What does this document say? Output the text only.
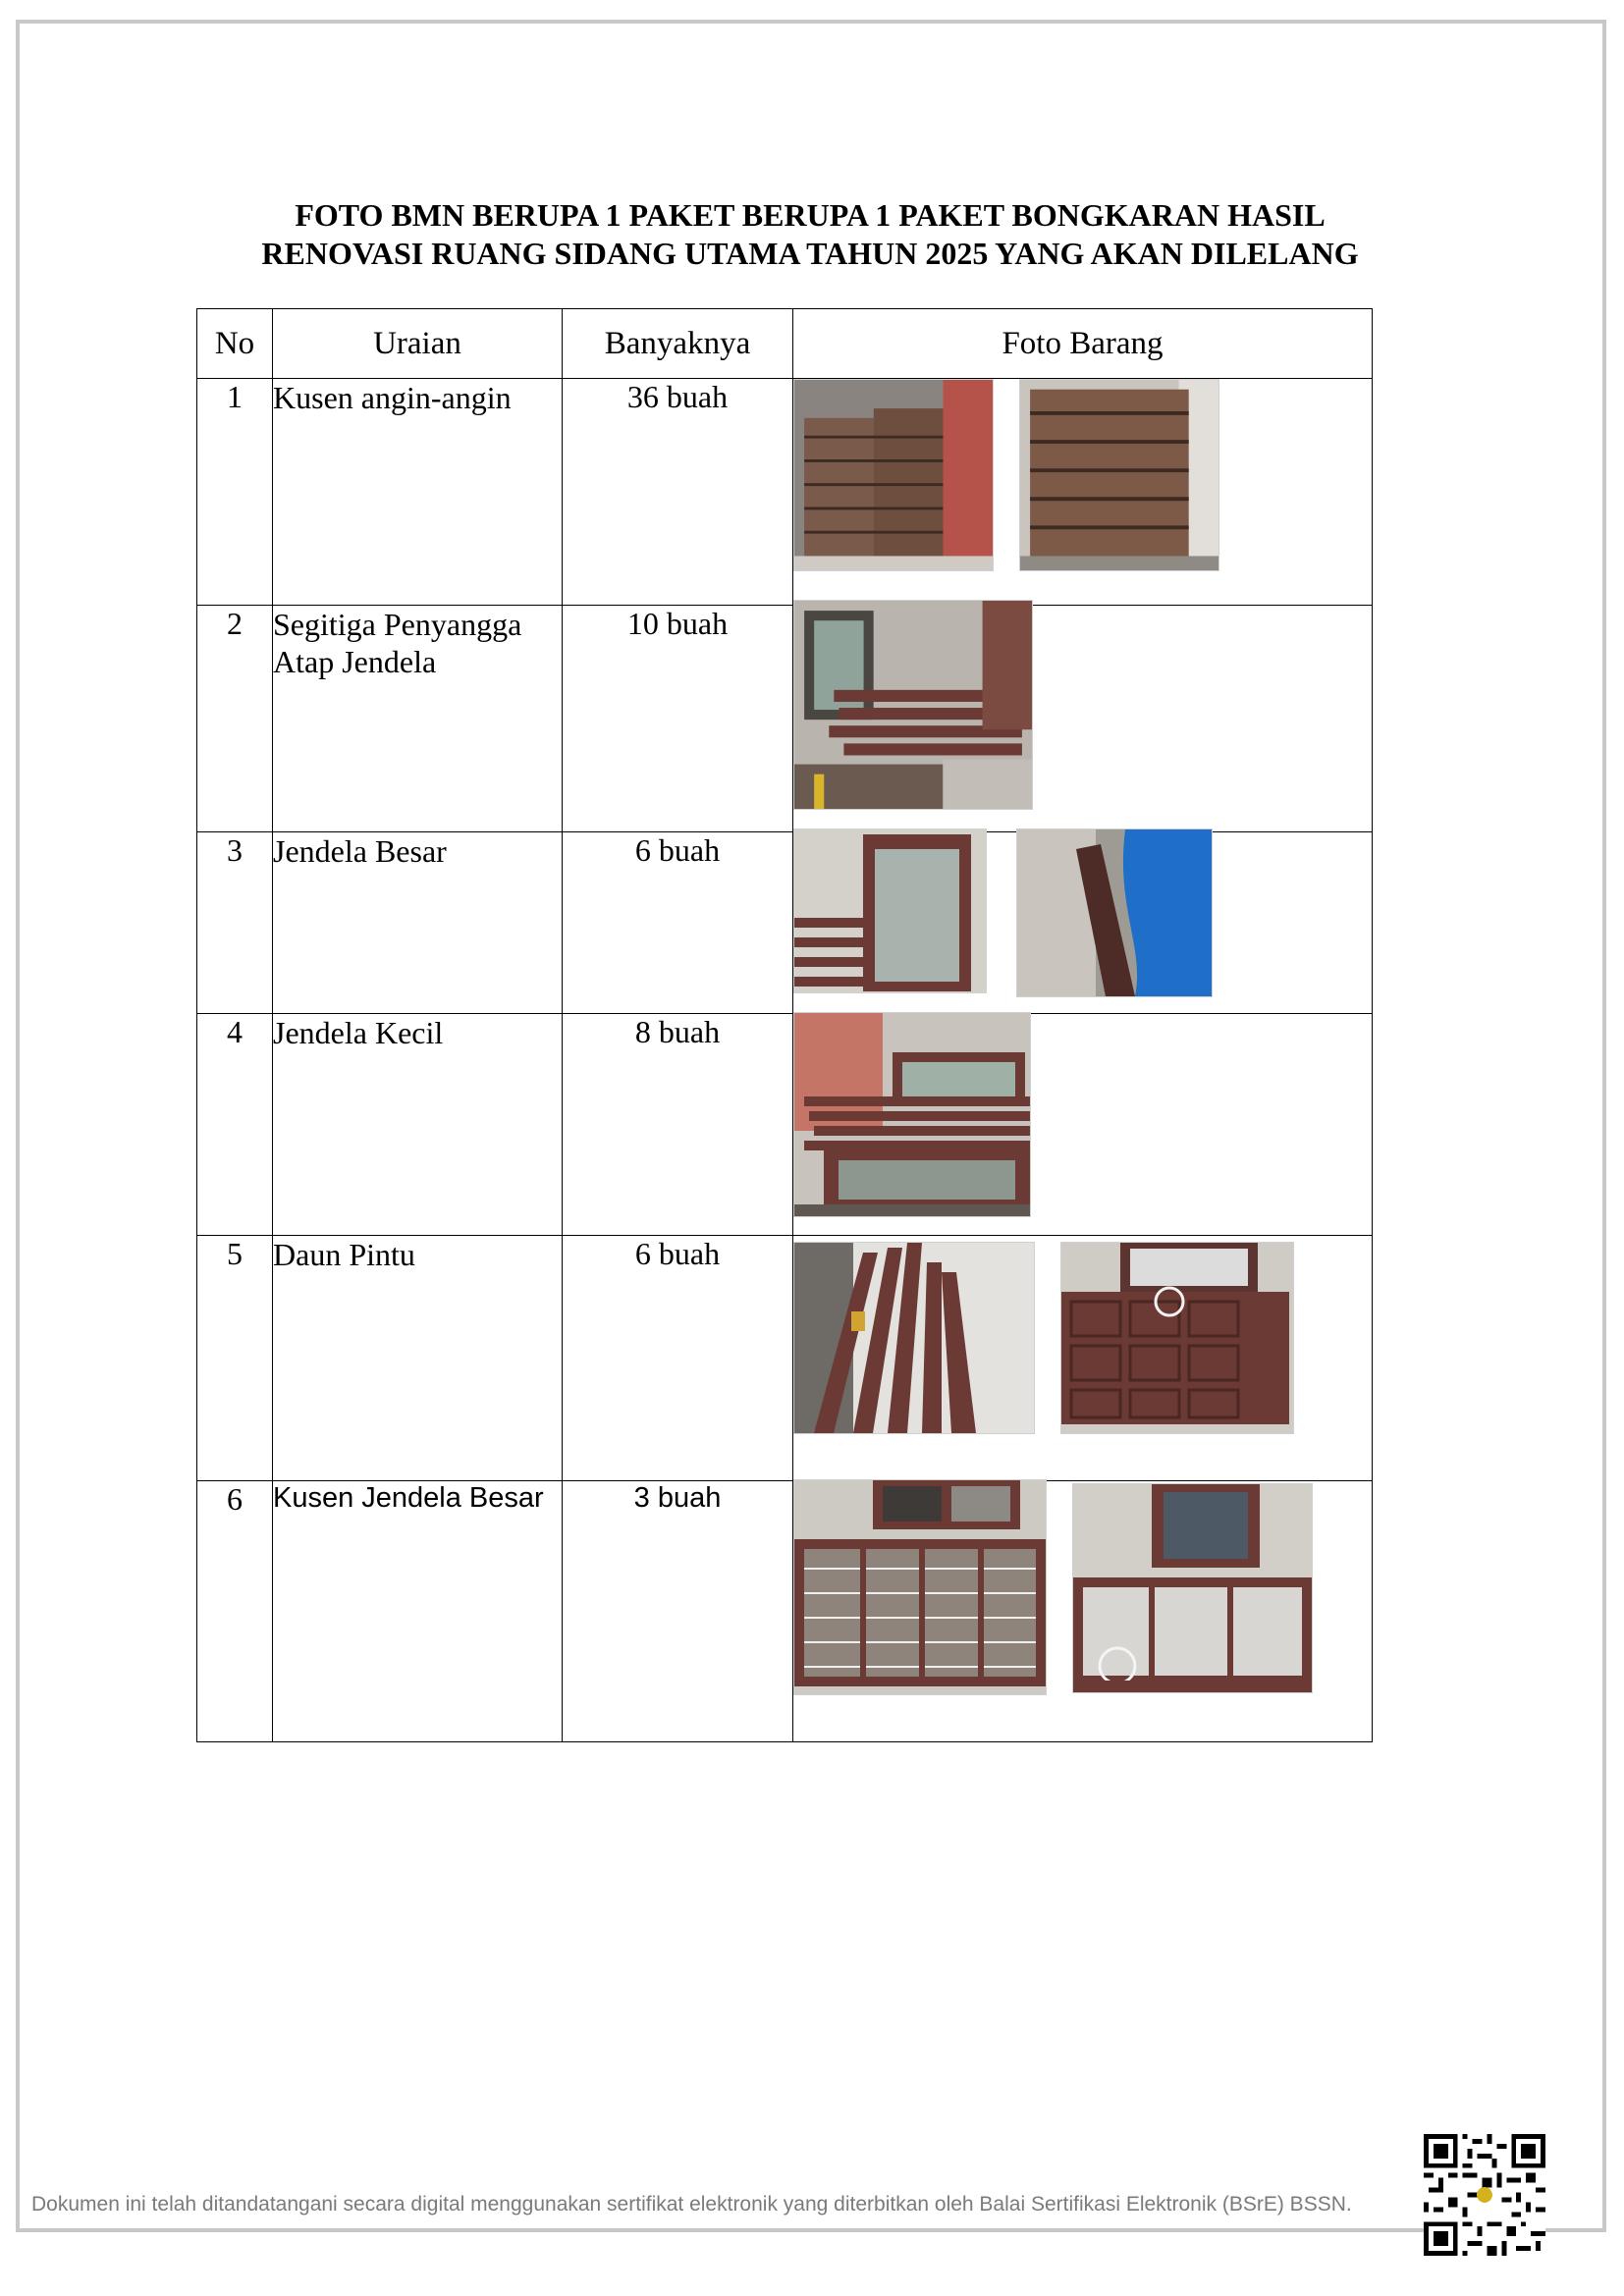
FOTO BMN BERUPA 1 PAKET BERUPA 1 PAKET BONGKARAN HASIL
RENOVASI RUANG SIDANG UTAMA TAHUN 2025 YANG AKAN DILELANG
No	Uraian	Banyaknya	Foto Barang
1	Kusen angin-angin	36 buah	

2	Segitiga Penyangga Atap Jendela	10 buah	

3	Jendela Besar	6 buah	

4	Jendela Kecil	8 buah	

5	Daun Pintu	6 buah	

6	Kusen Jendela Besar	3 buah	
Dokumen ini telah ditandatangani secara digital menggunakan sertifikat elektronik yang diterbitkan oleh Balai Sertifikasi Elektronik (BSrE) BSSN.
